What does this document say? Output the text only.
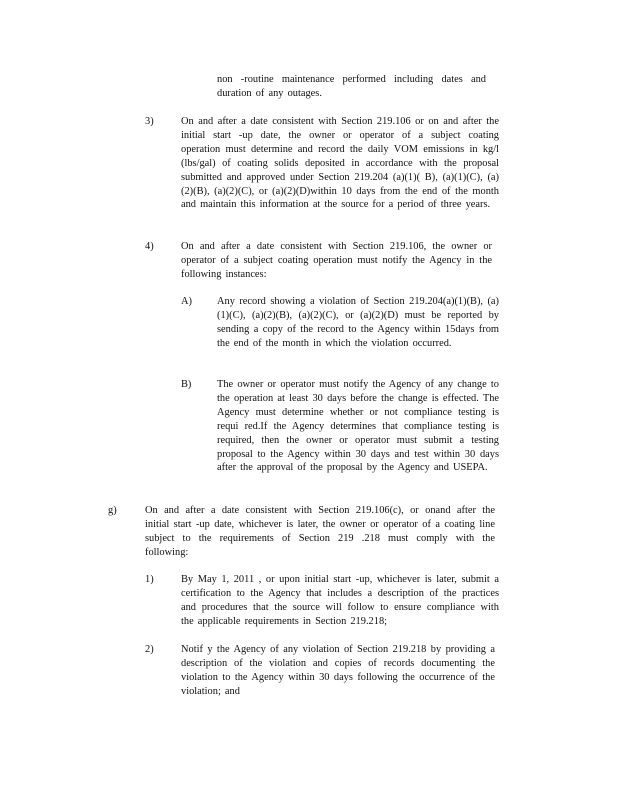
non -routine maintenance performed including dates and duration of any outages.
3)	On and after a date consistent with Section 219.106 or on and after the initial start -up date, the owner or operator of a subject coating operation must determine and record the daily VOM emissions in kg/l (lbs/gal) of coating solids deposited in accordance with the proposal submitted and approved under Section 219.204 (a)(1)( B), (a)(1)(C), (a)(2)(B), (a)(2)(C), or (a)(2)(D)within 10 days from the end of the month and maintain this information at the source for a period of three years.
4)	On and after a date consistent with Section 219.106, the owner or operator of a subject coating operation must notify the Agency in the following instances:
A) Any record showing a violation of Section 219.204(a)(1)(B), (a)(1)(C), (a)(2)(B), (a)(2)(C), or (a)(2)(D) must be reported by sending a copy of the record to the Agency within 15days from the end of the month in which the violation occurred.
B) The owner or operator must notify the Agency of any change to the operation at least 30 days before the change is effected. The Agency must determine whether or not compliance testing is requi red.If the Agency determines that compliance testing is required, then the owner or operator must submit a testing proposal to the Agency within 30 days and test within 30 days after the approval of the proposal by the Agency and USEPA.
g)	On and after a date consistent with Section 219.106(c), or onand after the initial start -up date, whichever is later, the owner or operator of a coating line subject to the requirements of Section 219 .218 must comply with the following:
1)	By May 1, 2011 , or upon initial start -up, whichever is later, submit a certification to the Agency that includes a description of the practices and procedures that the source will follow to ensure compliance with the applicable requirements in Section 219.218;
2)	Notif y the Agency of any violation of Section 219.218 by providing a description of the violation and copies of records documenting the violation to the Agency within 30 days following the occurrence of the violation; and
